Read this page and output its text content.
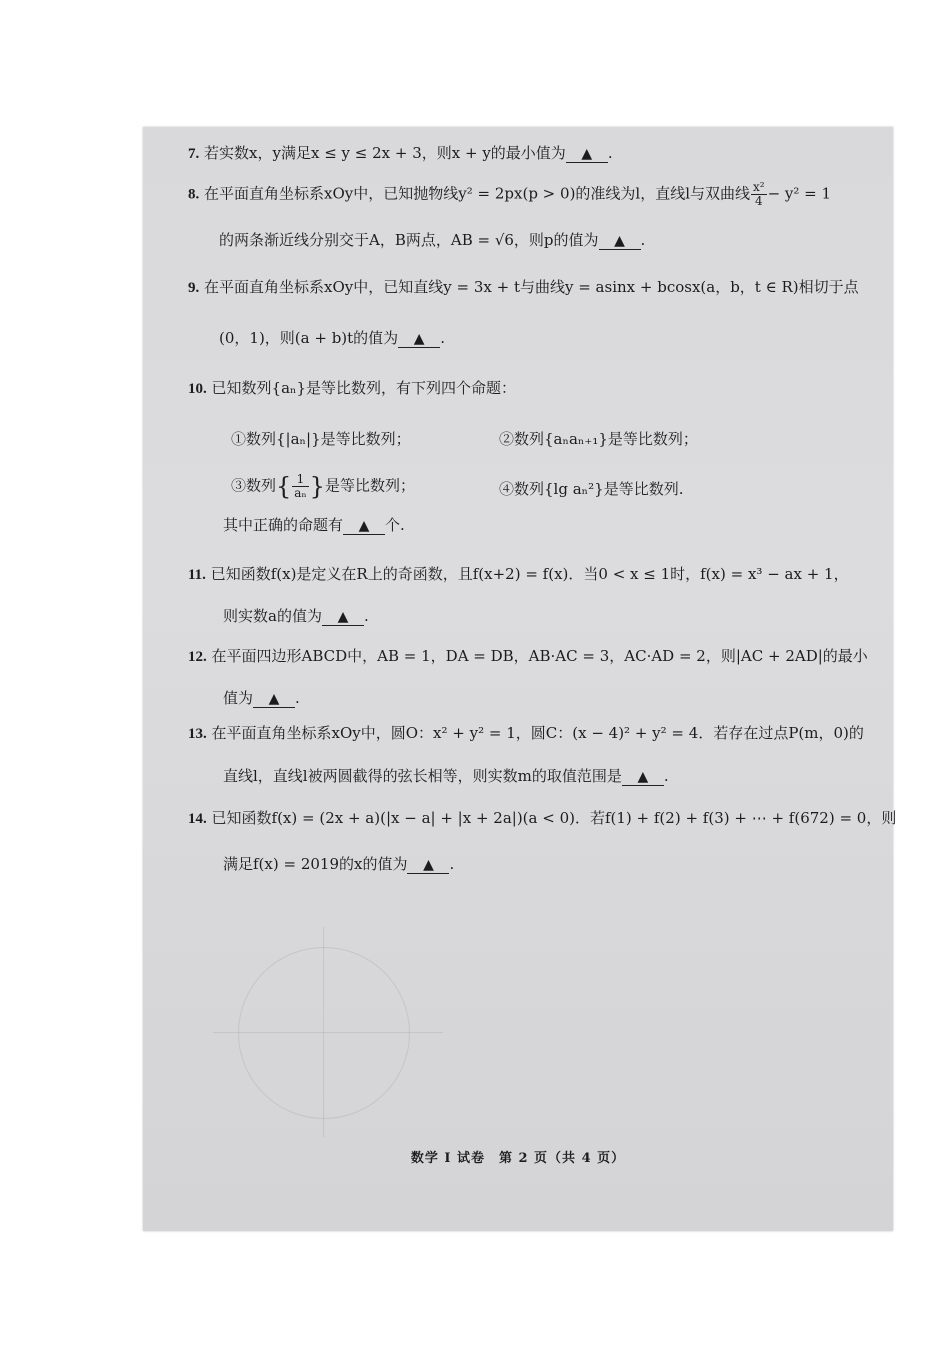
7. 若实数x，y满足x ≤ y ≤ 2x + 3，则x + y的最小值为 ▲ .
8. 在平面直角坐标系xOy中，已知抛物线y² = 2px(p > 0)的准线为l，直线l与双曲线 $\frac{\text{x²}}{4} - y^2 = 1$
的两条渐近线分别交于A，B两点，AB = √6，则p的值为 ▲ .
9. 在平面直角坐标系xOy中，已知直线y = 3x + t与曲线y = asinx + bcosx(a，b，t ∈ R)相切于点
(0，1)，则(a + b)t的值为 ▲ .
10. 已知数列{aₙ}是等比数列，有下列四个命题：
①数列{|aₙ|}是等比数列；	②数列{aₙaₙ₊₁}是等比数列；
③数列{ $\frac{1}{\text{aₙ}}$ }是等比数列；	④数列{lg aₙ²}是等比数列.
其中正确的命题有 ▲ 个.
11. 已知函数f(x)是定义在R上的奇函数，且f(x+2) = f(x)．当0 < x ≤ 1时，f(x) = x³ − ax + 1，
则实数a的值为 ▲ .
12. 在平面四边形ABCD中，AB = 1，DA = DB，AB·AC = 3，AC·AD = 2，则|AC + 2AD|的最小
值为 ▲ .
13. 在平面直角坐标系xOy中，圆O：x² + y² = 1，圆C：(x − 4)² + y² = 4．若存在过点P(m，0)的
直线l，直线l被两圆截得的弦长相等，则实数m的取值范围是 ▲ .
14. 已知函数f(x) = (2x + a)(|x − a| + |x + 2a|)(a < 0)．若f(1) + f(2) + f(3) + ⋯ + f(672) = 0，则
满足f(x) = 2019的x的值为 ▲ .
数学 I 试卷　第 2 页（共 4 页）
